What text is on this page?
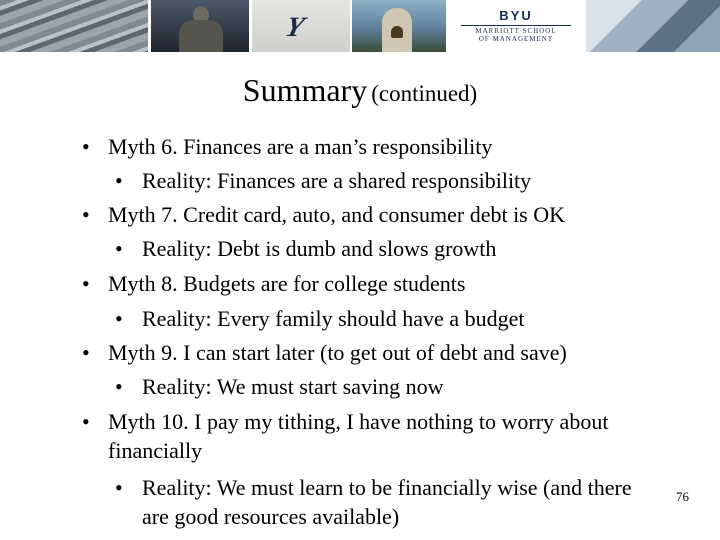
Y	BYU
MARRIOTT SCHOOL
OF MANAGEMENT
Summary (continued)

• Myth 6. Finances are a man’s responsibility

• Reality: Finances are a shared responsibility

• Myth 7. Credit card, auto, and consumer debt is OK

• Reality: Debt is dumb and slows growth

• Myth 8. Budgets are for college students

• Reality: Every family should have a budget

• Myth 9. I can start later (to get out of debt and save)

• Reality: We must start saving now

• Myth 10. I pay my tithing, I have nothing to worry about financially

• Reality: We must learn to be financially wise (and there are good resources available)

76
